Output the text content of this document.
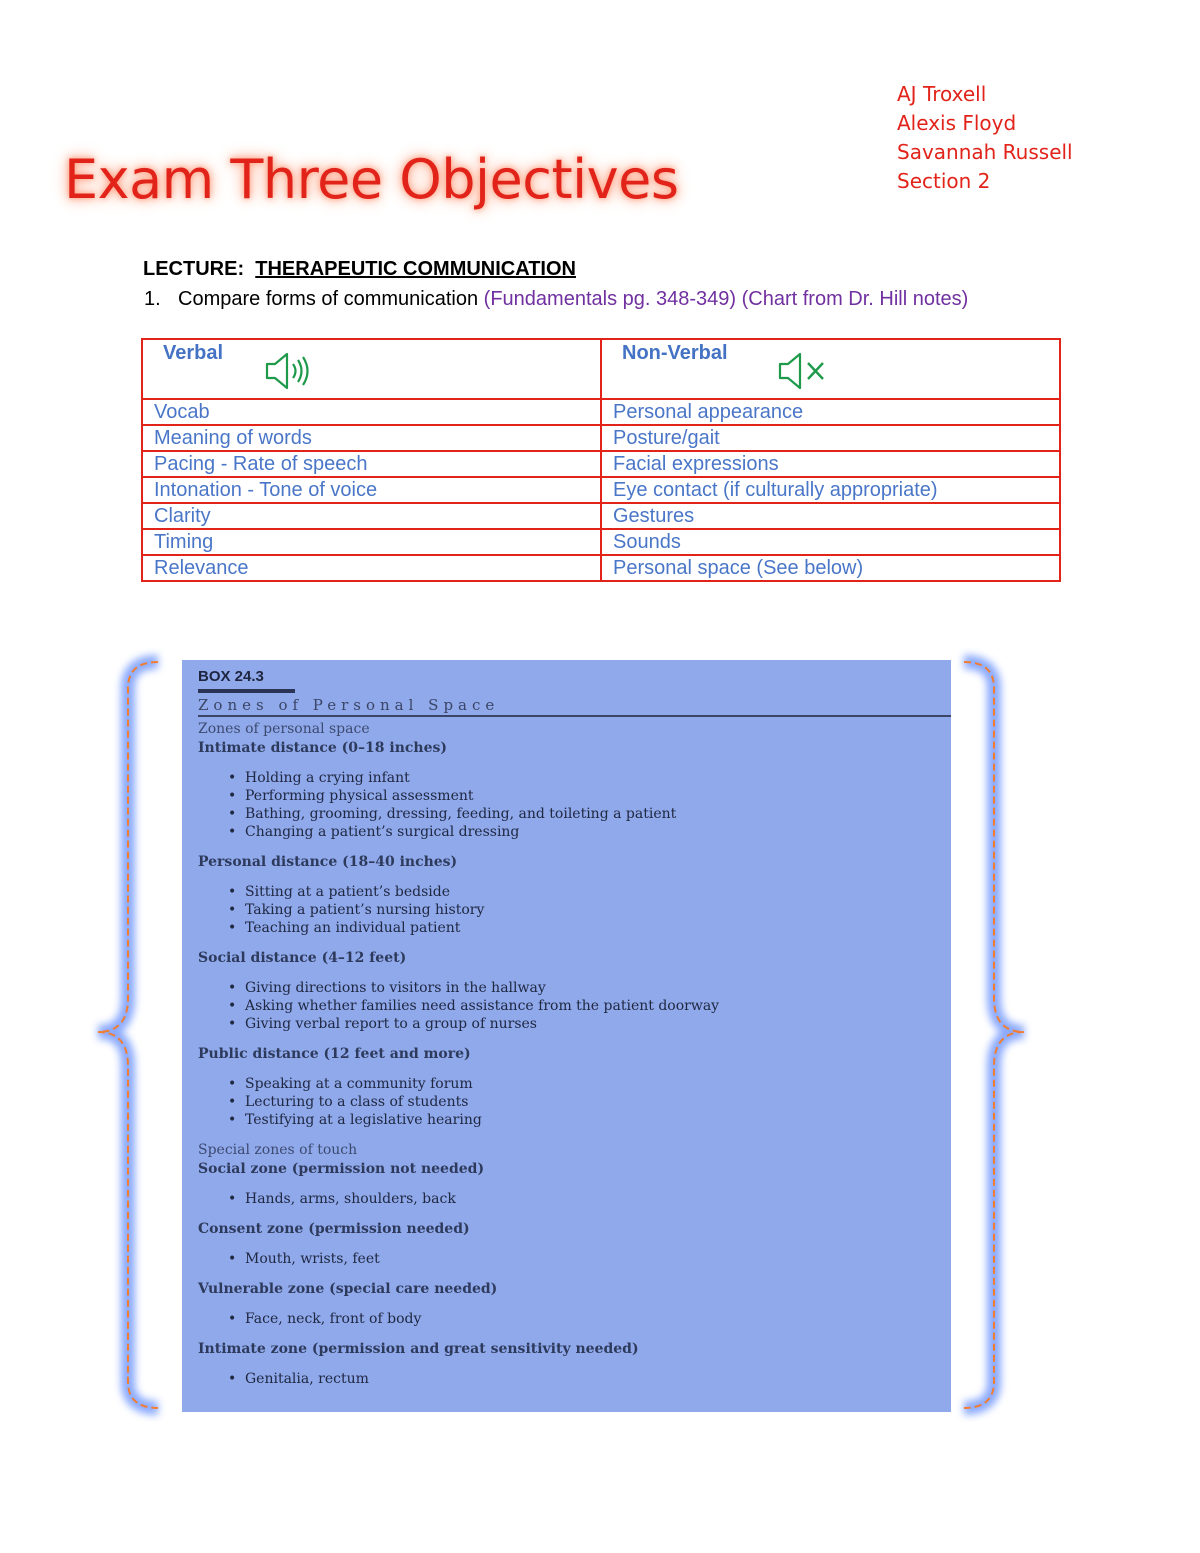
Exam Three Objectives
AJ Troxell
Alexis Floyd
Savannah Russell
Section 2
LECTURE: THERAPEUTIC COMMUNICATION
1. Compare forms of communication (Fundamentals pg. 348-349) (Chart from Dr. Hill notes)
Verbal	Non-Verbal

Vocab	Personal appearance
Meaning of words	Posture/gait
Pacing - Rate of speech	Facial expressions
Intonation - Tone of voice	Eye contact (if culturally appropriate)
Clarity	Gestures
Timing	Sounds
Relevance	Personal space (See below)
BOX 24.3
Zones of Personal Space
Zones of personal space
Intimate distance (0–18 inches)
• Holding a crying infant
• Performing physical assessment
• Bathing, grooming, dressing, feeding, and toileting a patient
• Changing a patient’s surgical dressing
Personal distance (18–40 inches)
• Sitting at a patient’s bedside
• Taking a patient’s nursing history
• Teaching an individual patient
Social distance (4–12 feet)
• Giving directions to visitors in the hallway
• Asking whether families need assistance from the patient doorway
• Giving verbal report to a group of nurses
Public distance (12 feet and more)
• Speaking at a community forum
• Lecturing to a class of students
• Testifying at a legislative hearing
Special zones of touch
Social zone (permission not needed)
• Hands, arms, shoulders, back
Consent zone (permission needed)
• Mouth, wrists, feet
Vulnerable zone (special care needed)
• Face, neck, front of body
Intimate zone (permission and great sensitivity needed)
• Genitalia, rectum
